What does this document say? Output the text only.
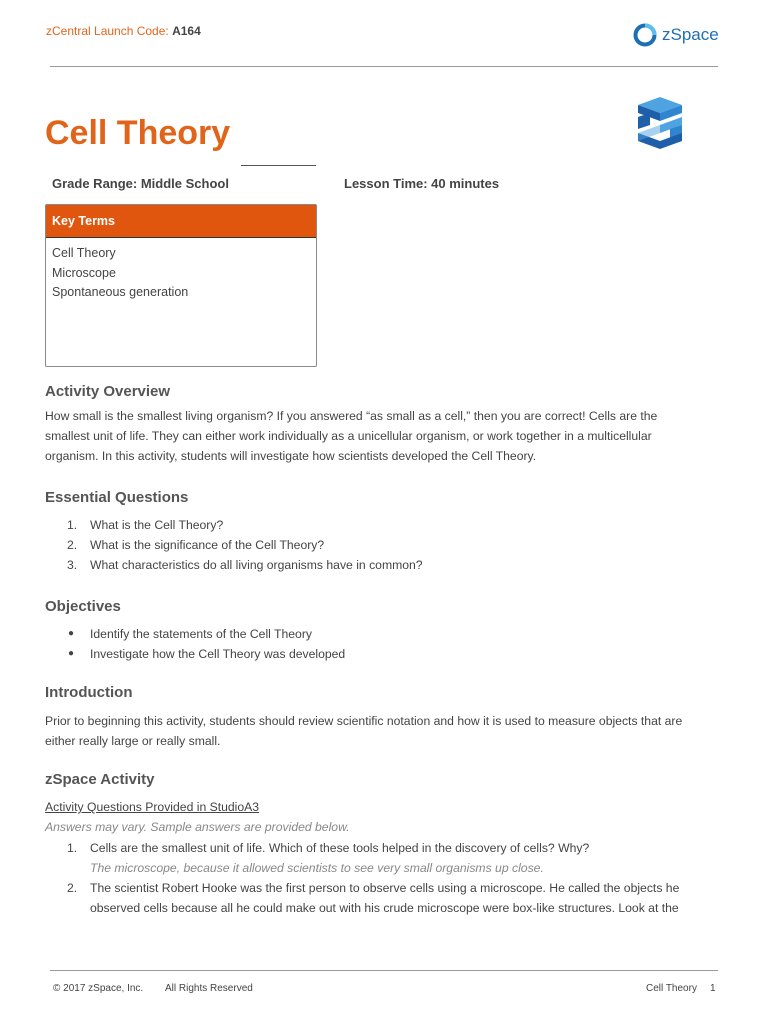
zCentral Launch Code: A164	zSpace
Cell Theory
Grade Range: Middle School	Lesson Time: 40 minutes
Key Terms
Cell Theory
Microscope
Spontaneous generation
Activity Overview
How small is the smallest living organism? If you answered “as small as a cell,” then you are correct! Cells are the
smallest unit of life. They can either work individually as a unicellular organism, or work together in a multicellular
organism. In this activity, students will investigate how scientists developed the Cell Theory.
Essential Questions
1.	What is the Cell Theory?
2.	What is the significance of the Cell Theory?
3.	What characteristics do all living organisms have in common?
Objectives
●	Identify the statements of the Cell Theory
●	Investigate how the Cell Theory was developed
Introduction
Prior to beginning this activity, students should review scientific notation and how it is used to measure objects that are
either really large or really small.
zSpace Activity
Activity Questions Provided in StudioA3
Answers may vary. Sample answers are provided below.
1.	Cells are the smallest unit of life. Which of these tools helped in the discovery of cells? Why?
The microscope, because it allowed scientists to see very small organisms up close.
2.	The scientist Robert Hooke was the first person to observe cells using a microscope. He called the objects he
observed cells because all he could make out with his crude microscope were box-like structures. Look at the
© 2017 zSpace, Inc. All Rights Reserved	Cell Theory 1
